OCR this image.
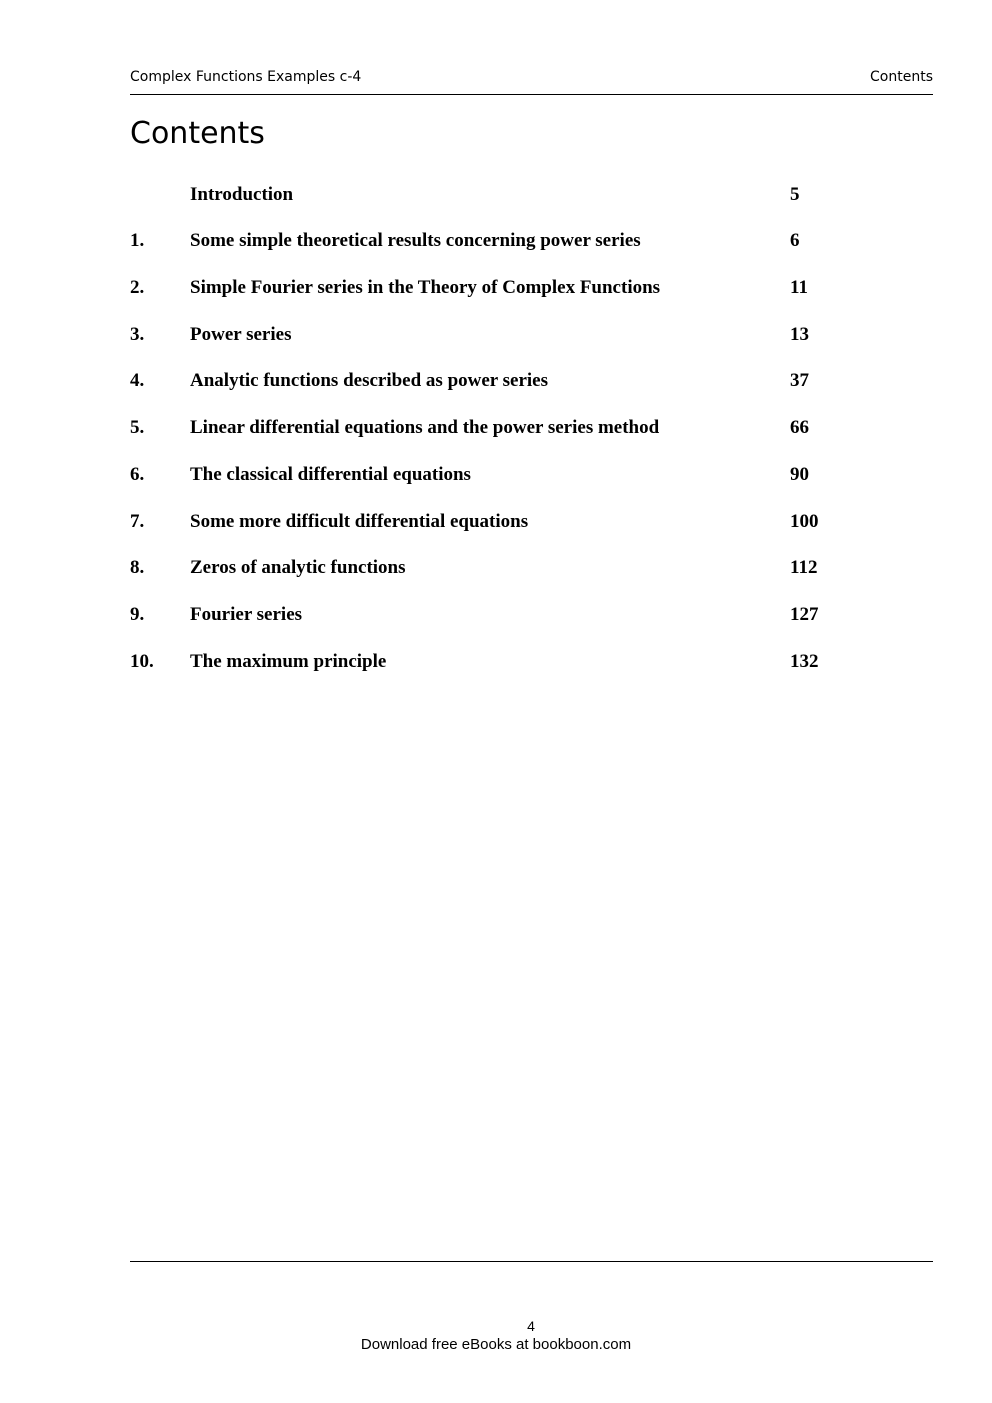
Complex Functions Examples c-4	Contents
Contents
Introduction	5
1. Some simple theoretical results concerning power series	6
2. Simple Fourier series in the Theory of Complex Functions	11
3. Power series	13
4. Analytic functions described as power series	37
5. Linear differential equations and the power series method	66
6. The classical differential equations	90
7. Some more difficult differential equations	100
8. Zeros of analytic functions	112
9. Fourier series	127
10. The maximum principle	132
4
Download free eBooks at bookboon.com
